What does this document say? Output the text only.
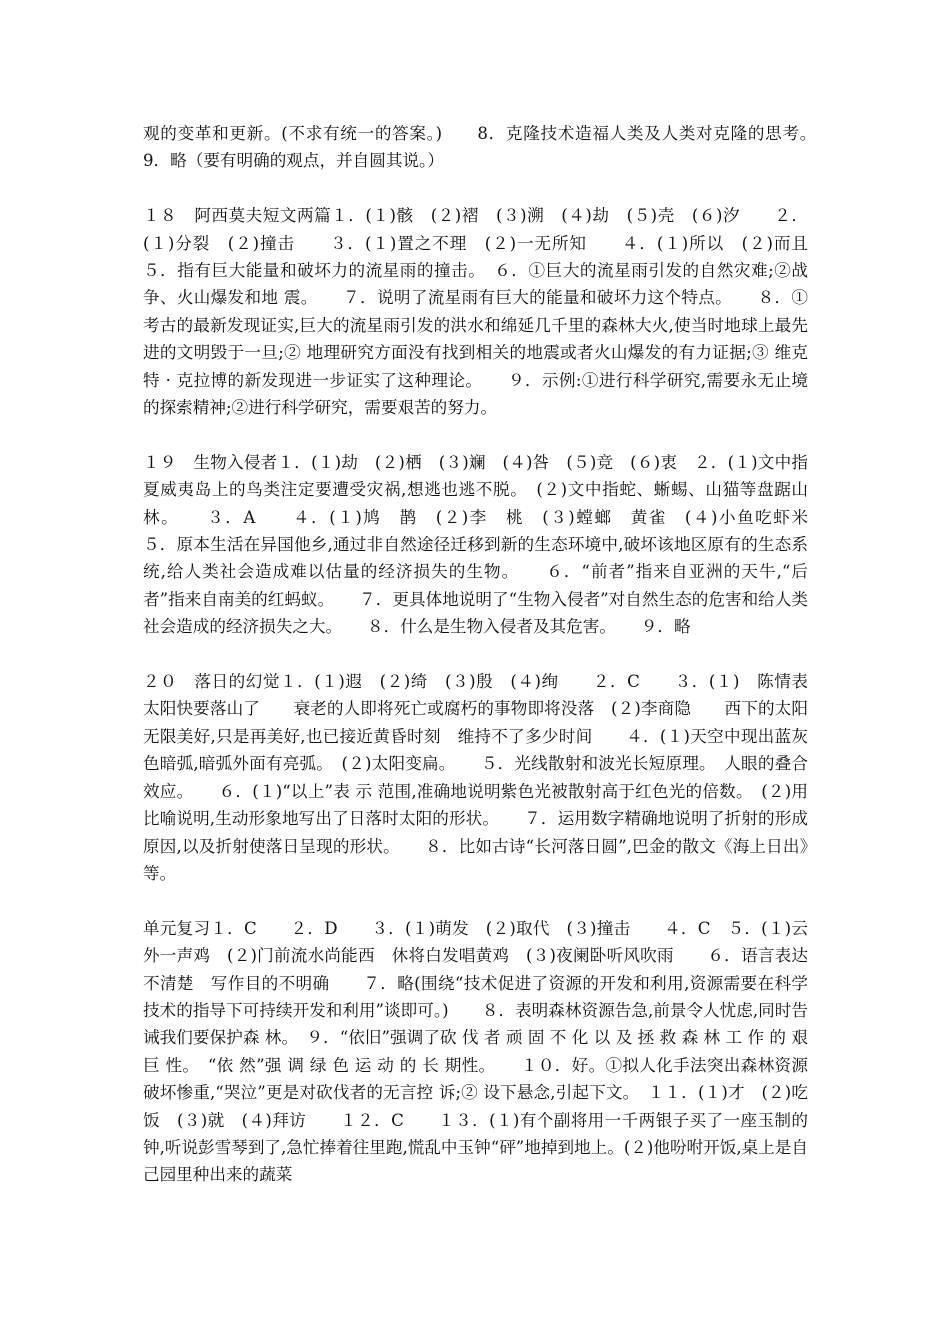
观的变革和更新。(不求有统一的答案。)　　8．克隆技术造福人类及人类对克隆的思考。　　9．略（要有明确的观点，并自圆其说。）

１８　阿西莫夫短文两篇１．(１)骸　(２)褶　(３)溯　(４)劫　(５)壳　(６)汐　　２．(１)分裂　(２)撞击　　３．(１)置之不理　(２)一无所知　　４．(１)所以　(２)而且　　５．指有巨大能量和破坏力的流星雨的撞击。　６．①巨大的流星雨引发的自然灾难;②战争、火山爆发和地 震。　　７．说明了流星雨有巨大的能量和破坏力这个特点。　　８．① 考古的最新发现证实,巨大的流星雨引发的洪水和绵延几千里的森林大火,使当时地球上最先进的文明毁于一旦;② 地理研究方面没有找到相关的地震或者火山爆发的有力证据;③ 维克特 · 克拉博的新发现进一步证实了这种理论。　　９．示例:①进行科学研究,需要永无止境的探索精神;②进行科学研究，需要艰苦的努力。

１９　生物入侵者１．(１)劫　(２)栖　(３)斓　(４)咎　(５)竞　(６)衷　２．(１)文中指夏威夷岛上的鸟类注定要遭受灾祸,想逃也逃不脱。　(２)文中指蛇、蜥蜴、山猫等盘踞山林。　　３．A　　４．(１)鸠　鹊　(２)李　桃　(３)螳螂　黄雀　(４)小鱼吃虾米　　５．原本生活在异国他乡,通过非自然途径迁移到新的生态环境中,破坏该地区原有的生态系统,给人类社会造成难以估量的经济损失的生物。　　６．“前者”指来自亚洲的天牛,“后者”指来自南美的红蚂蚁。　　７．更具体地说明了“生物入侵者”对自然生态的危害和给人类社会造成的经济损失之大。　　８．什么是生物入侵者及其危害。　　９．略

２０　落日的幻觉１．(１)遐　(２)绮　(３)殷　(４)绚　　２．C　　３．(１)　陈情表　　太阳快要落山了　　衰老的人即将死亡或腐朽的事物即将没落　(２)李商隐　　西下的太阳无限美好,只是再美好,也已接近黄昏时刻　维持不了多少时间　　４．(１)天空中现出蓝灰色暗弧,暗弧外面有亮弧。　(２)太阳变扁。　　５．光线散射和波光长短原理。　人眼的叠合效应。　　６．(１)“以上”表 示 范围,准确地说明紫色光被散射高于红色光的倍数。　(２)用比喻说明,生动形象地写出了日落时太阳的形状。　　７．运用数字精确地说明了折射的形成原因,以及折射使落日呈现的形状。　　８．比如古诗“长河落日圆”,巴金的散文《海上日出》等。

单元复习１．C　　２．D　　３．(１)萌发　(２)取代　(３)撞击　　４．C　５．(１)云外一声鸡　(２)门前流水尚能西　休将白发唱黄鸡　(３)夜阑卧听风吹雨　　６．语言表达不清楚　写作目的不明确　　７．略(围绕“技术促进了资源的开发和利用,资源需要在科学技术的指导下可持续开发和利用”谈即可。)　　８．表明森林资源告急,前景令人忧虑,同时告诫我们要保护森 林。　９．“依旧”强调了砍 伐 者 顽 固 不 化 以 及 拯 救 森 林 工 作 的 艰 巨 性。　“依 然”强 调 绿 色 运 动 的 长 期性。　　１０．好。①拟人化手法突出森林资源破坏惨重,“哭泣”更是对砍伐者的无言控 诉;② 设下悬念,引起下文。　１１．(１)才　(２)吃饭　(３)就　(４)拜访　　１２．C　　１３．(１)有个副将用一千两银子买了一座玉制的钟,听说彭雪琴到了,急忙捧着往里跑,慌乱中玉钟“砰”地掉到地上。(２)他吩咐开饭,桌上是自己园里种出来的蔬菜
